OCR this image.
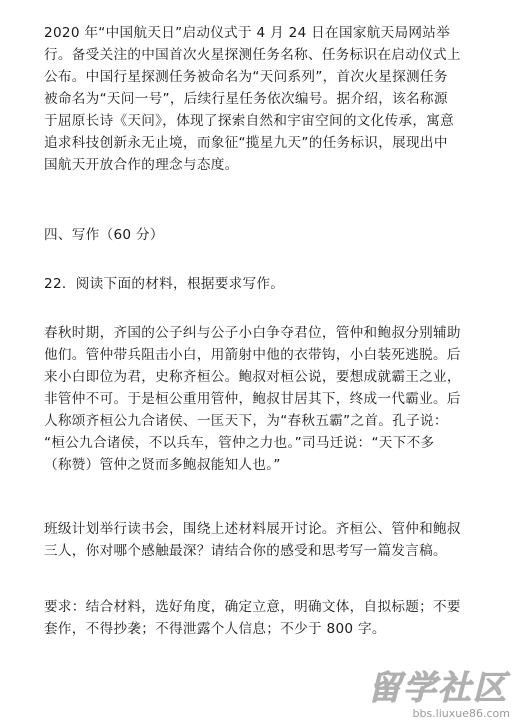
2020 年“中国航天日”启动仪式于 4 月 24 日在国家航天局网站举
行。备受关注的中国首次火星探测任务名称、任务标识在启动仪式上
公布。中国行星探测任务被命名为“天问系列”，首次火星探测任务
被命名为“天问一号”，后续行星任务依次编号。据介绍，该名称源
于屈原长诗《天问》，体现了探索自然和宇宙空间的文化传承，寓意
追求科技创新永无止境，而象征“揽星九天”的任务标识，展现出中
国航天开放合作的理念与态度。
四、写作（60 分）
22．阅读下面的材料，根据要求写作。
春秋时期，齐国的公子纠与公子小白争夺君位，管仲和鲍叔分别辅助
他们。管仲带兵阻击小白，用箭射中他的衣带钩，小白装死逃脱。后
来小白即位为君，史称齐桓公。鲍叔对桓公说，要想成就霸王之业，
非管仲不可。于是桓公重用管仲，鲍叔甘居其下，终成一代霸业。后
人称颂齐桓公九合诸侯、一匡天下，为“春秋五霸”之首。孔子说：
“桓公九合诸侯，不以兵车，管仲之力也。”司马迁说：“天下不多
（称赞）管仲之贤而多鲍叔能知人也。”
班级计划举行读书会，围绕上述材料展开讨论。齐桓公、管仲和鲍叔
三人，你对哪个感触最深？请结合你的感受和思考写一篇发言稿。
要求：结合材料，选好角度，确定立意，明确文体，自拟标题；不要
套作，不得抄袭；不得泄露个人信息；不少于 800 字。
留学社区
bbs.liuxue86.com
